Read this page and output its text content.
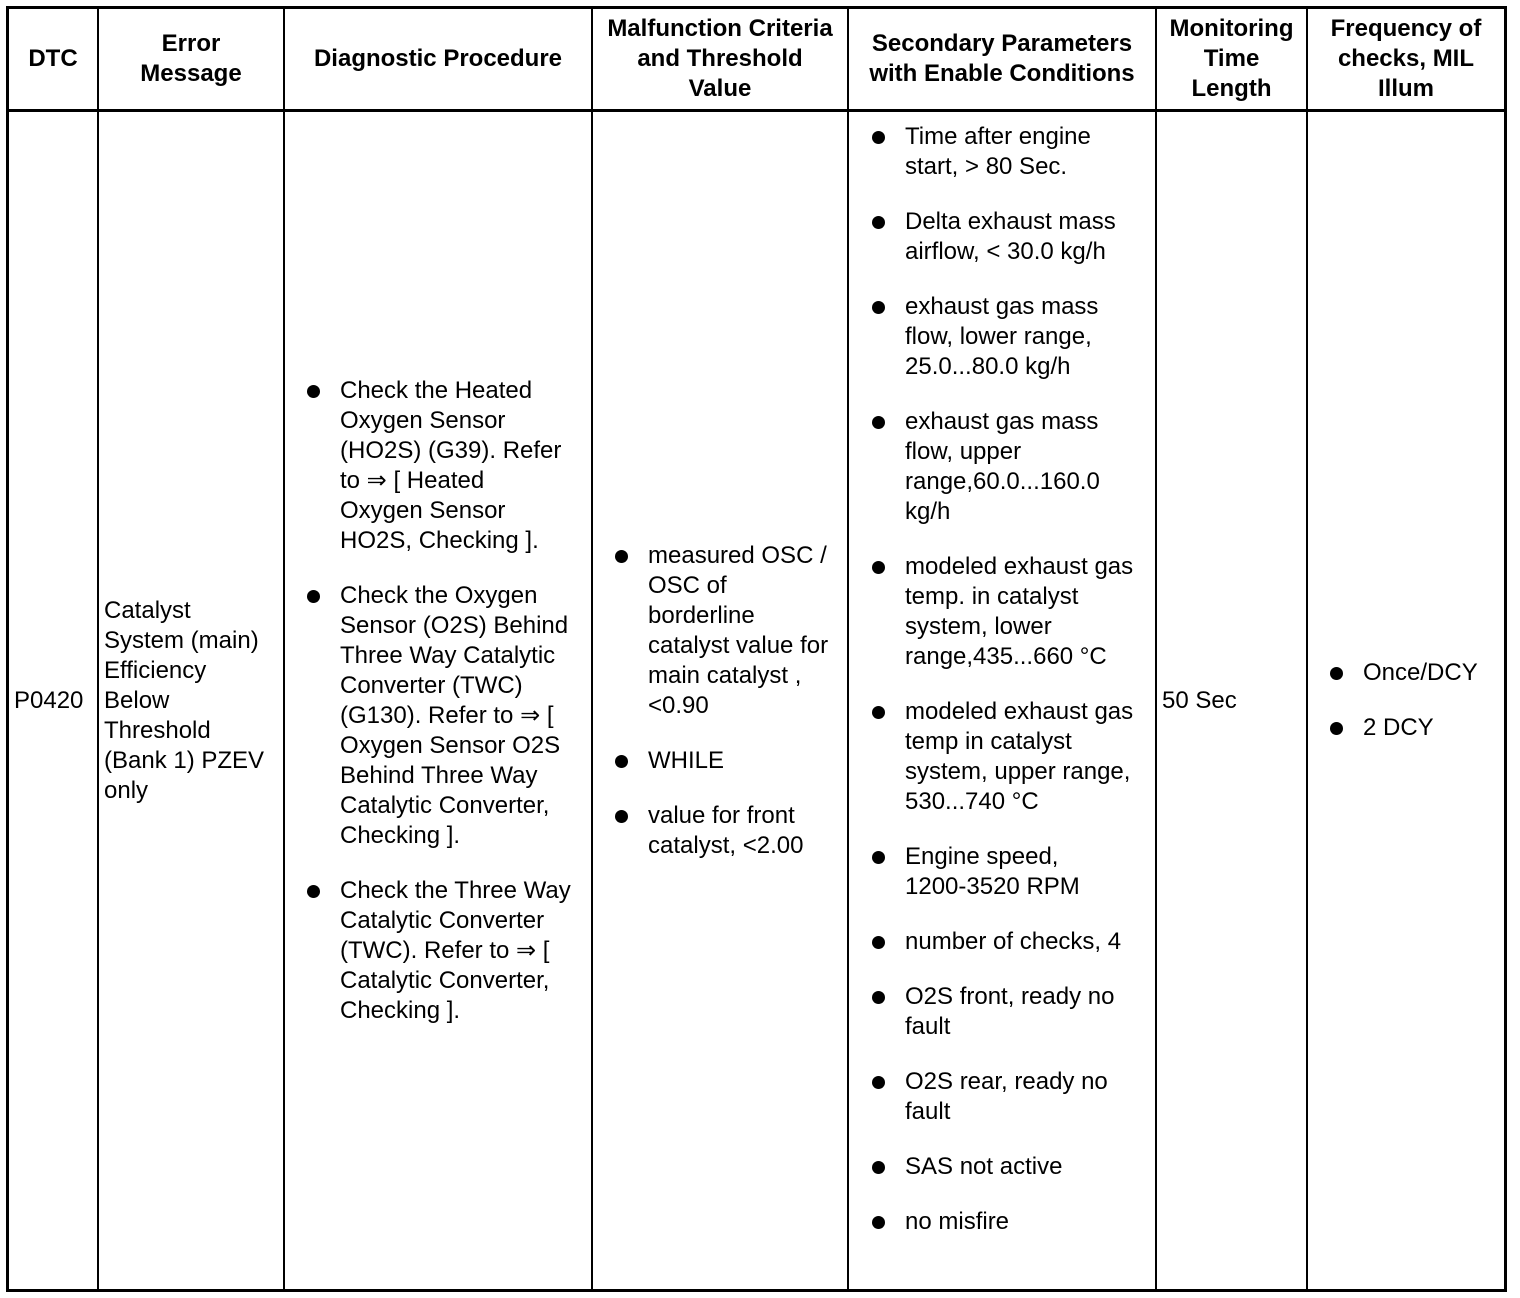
DTC
Error
Message
Diagnostic Procedure
Malfunction Criteria
and Threshold
Value
Secondary Parameters
with Enable Conditions
Monitoring
Time
Length
Frequency of
checks, MIL
Illum
P0420
Catalyst
System (main)
Efficiency
Below
Threshold
(Bank 1) PZEV
only
Check the Heated
Oxygen Sensor
(HO2S) (G39). Refer
to ⇒ [ Heated
Oxygen Sensor
HO2S, Checking ].
Check the Oxygen
Sensor (O2S) Behind
Three Way Catalytic
Converter (TWC)
(G130). Refer to ⇒ [
Oxygen Sensor O2S
Behind Three Way
Catalytic Converter,
Checking ].
Check the Three Way
Catalytic Converter
(TWC). Refer to ⇒ [
Catalytic Converter,
Checking ].
measured OSC /
OSC of
borderline
catalyst value for
main catalyst ,
<0.90
WHILE
value for front
catalyst, <2.00
Time after engine
start, > 80 Sec.
Delta exhaust mass
airflow, < 30.0 kg/h
exhaust gas mass
flow, lower range,
25.0...80.0 kg/h
exhaust gas mass
flow, upper
range,60.0...160.0
kg/h
modeled exhaust gas
temp. in catalyst
system, lower
range,435...660 °C
modeled exhaust gas
temp in catalyst
system, upper range,
530...740 °C
Engine speed,
1200-3520 RPM
number of checks, 4
O2S front, ready no
fault
O2S rear, ready no
fault
SAS not active
no misfire
50 Sec
Once/DCY
2 DCY
